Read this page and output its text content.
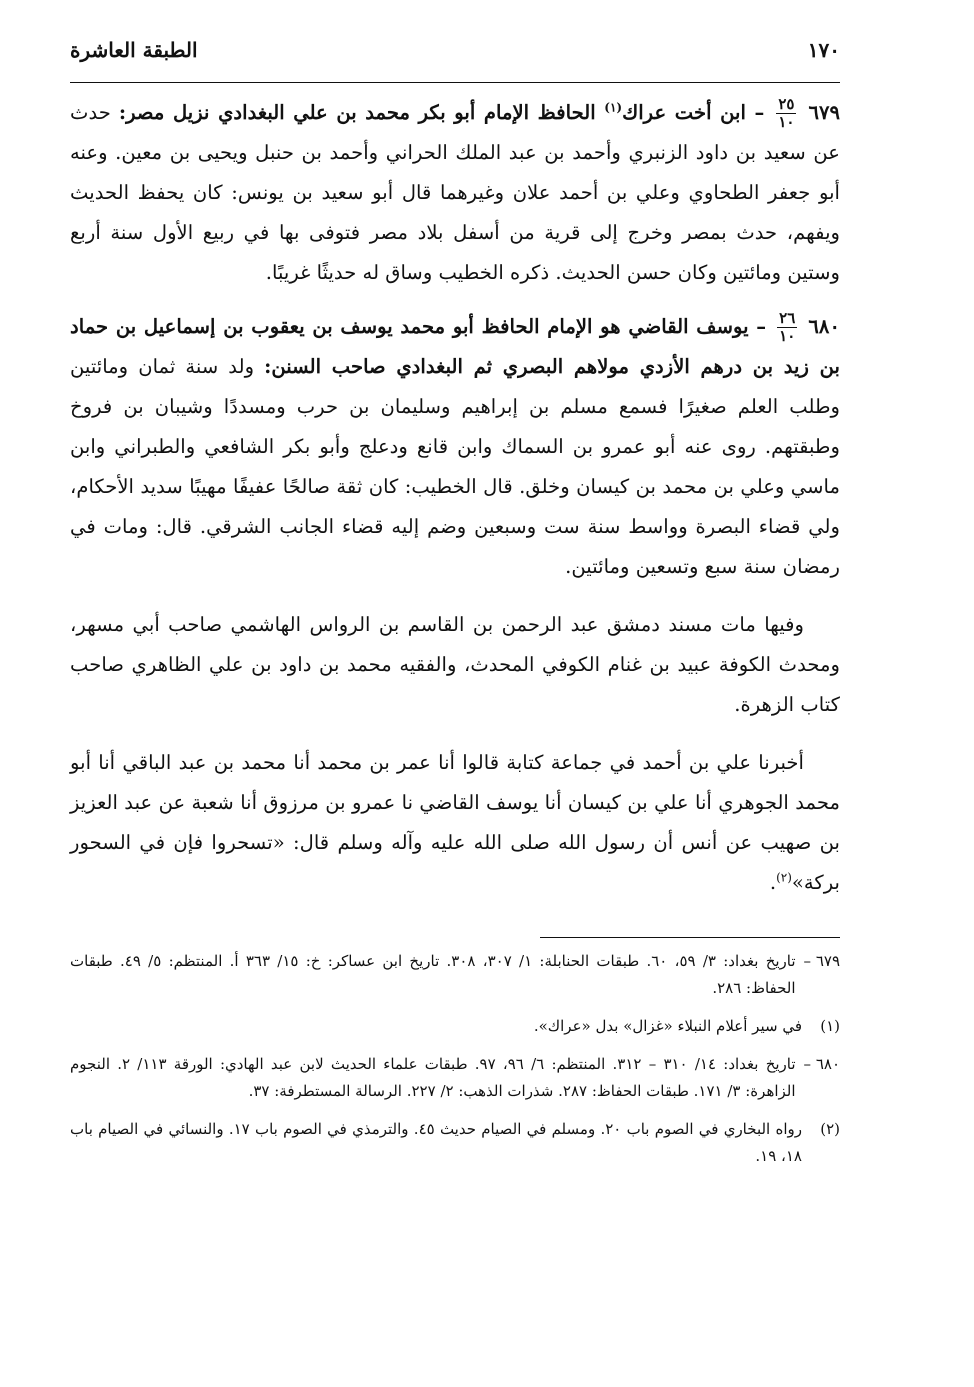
١٧٠
الطبقة العاشرة

٦٧٩
$\frac{٢٥}{١٠}$
– ابن أخت عراك$^{(١)}$ الحافظ الإمام أبو بكر محمد بن علي البغدادي نزيل مصر: حدث عن سعيد بن داود الزنبري وأحمد بن عبد الملك الحراني وأحمد بن حنبل ويحيى بن معين. وعنه أبو جعفر الطحاوي وعلي بن أحمد علان وغيرهما قال أبو سعيد بن يونس: كان يحفظ الحديث ويفهم، حدث بمصر وخرج إلى قرية من أسفل بلاد مصر فتوفى بها في ربيع الأول سنة أربع وستين ومائتين وكان حسن الحديث. ذكره الخطيب وساق له حديثًا غريبًا.

٦٨٠
$\frac{٢٦}{١٠}$
– يوسف القاضي هو الإمام الحافظ أبو محمد يوسف بن يعقوب بن إسماعيل بن حماد بن زيد بن درهم الأزدي مولاهم البصري ثم البغدادي صاحب السنن: ولد سنة ثمان ومائتين وطلب العلم صغيرًا فسمع مسلم بن إبراهيم وسليمان بن حرب ومسددًا وشيبان بن فروخ وطبقتهم. روى عنه أبو عمرو بن السماك وابن قانع ودعلج وأبو بكر الشافعي والطبراني وابن ماسي وعلي بن محمد بن كيسان وخلق. قال الخطيب: كان ثقة صالحًا عفيفًا مهيبًا سديد الأحكام، ولي قضاء البصرة وواسط سنة ست وسبعين وضم إليه قضاء الجانب الشرقي. قال: ومات في رمضان سنة سبع وتسعين ومائتين.

وفيها مات مسند دمشق عبد الرحمن بن القاسم بن الرواس الهاشمي صاحب أبي مسهر، ومحدث الكوفة عبيد بن غنام الكوفي المحدث، والفقيه محمد بن داود بن علي الظاهري صاحب كتاب الزهرة.

أخبرنا علي بن أحمد في جماعة كتابة قالوا أنا عمر بن محمد أنا محمد بن عبد الباقي أنا أبو محمد الجوهري أنا علي بن كيسان أنا يوسف القاضي نا عمرو بن مرزوق أنا شعبة عن عبد العزيز بن صهيب عن أنس أن رسول الله صلى الله عليه وآله وسلم قال: «تسحروا فإن في السحور بركة»$^{(٢)}$.

٦٧٩ –
تاريخ بغداد: ٣/ ٥٩، ٦٠. طبقات الحنابلة: ١/ ٣٠٧، ٣٠٨. تاريخ ابن عساكر: خ: ١٥/ ٣٦٣ أ. المنتظم: ٥/ ٤٩. طبقات الحفاظ: ٢٨٦.
(١)
في سير أعلام النبلاء «غزال» بدل «عراك».
٦٨٠ –
تاريخ بغداد: ١٤/ ٣١٠ – ٣١٢. المنتظم: ٦/ ٩٦، ٩٧. طبقات علماء الحديث لابن عبد الهادي: الورقة ١١٣/ ٢. النجوم الزاهرة: ٣/ ١٧١. طبقات الحفاظ: ٢٨٧. شذرات الذهب: ٢/ ٢٢٧. الرسالة المستطرفة: ٣٧.
(٢)
رواه البخاري في الصوم باب ٢٠. ومسلم في الصيام حديث ٤٥. والترمذي في الصوم باب ١٧. والنسائي في الصيام باب ١٨، ١٩.
